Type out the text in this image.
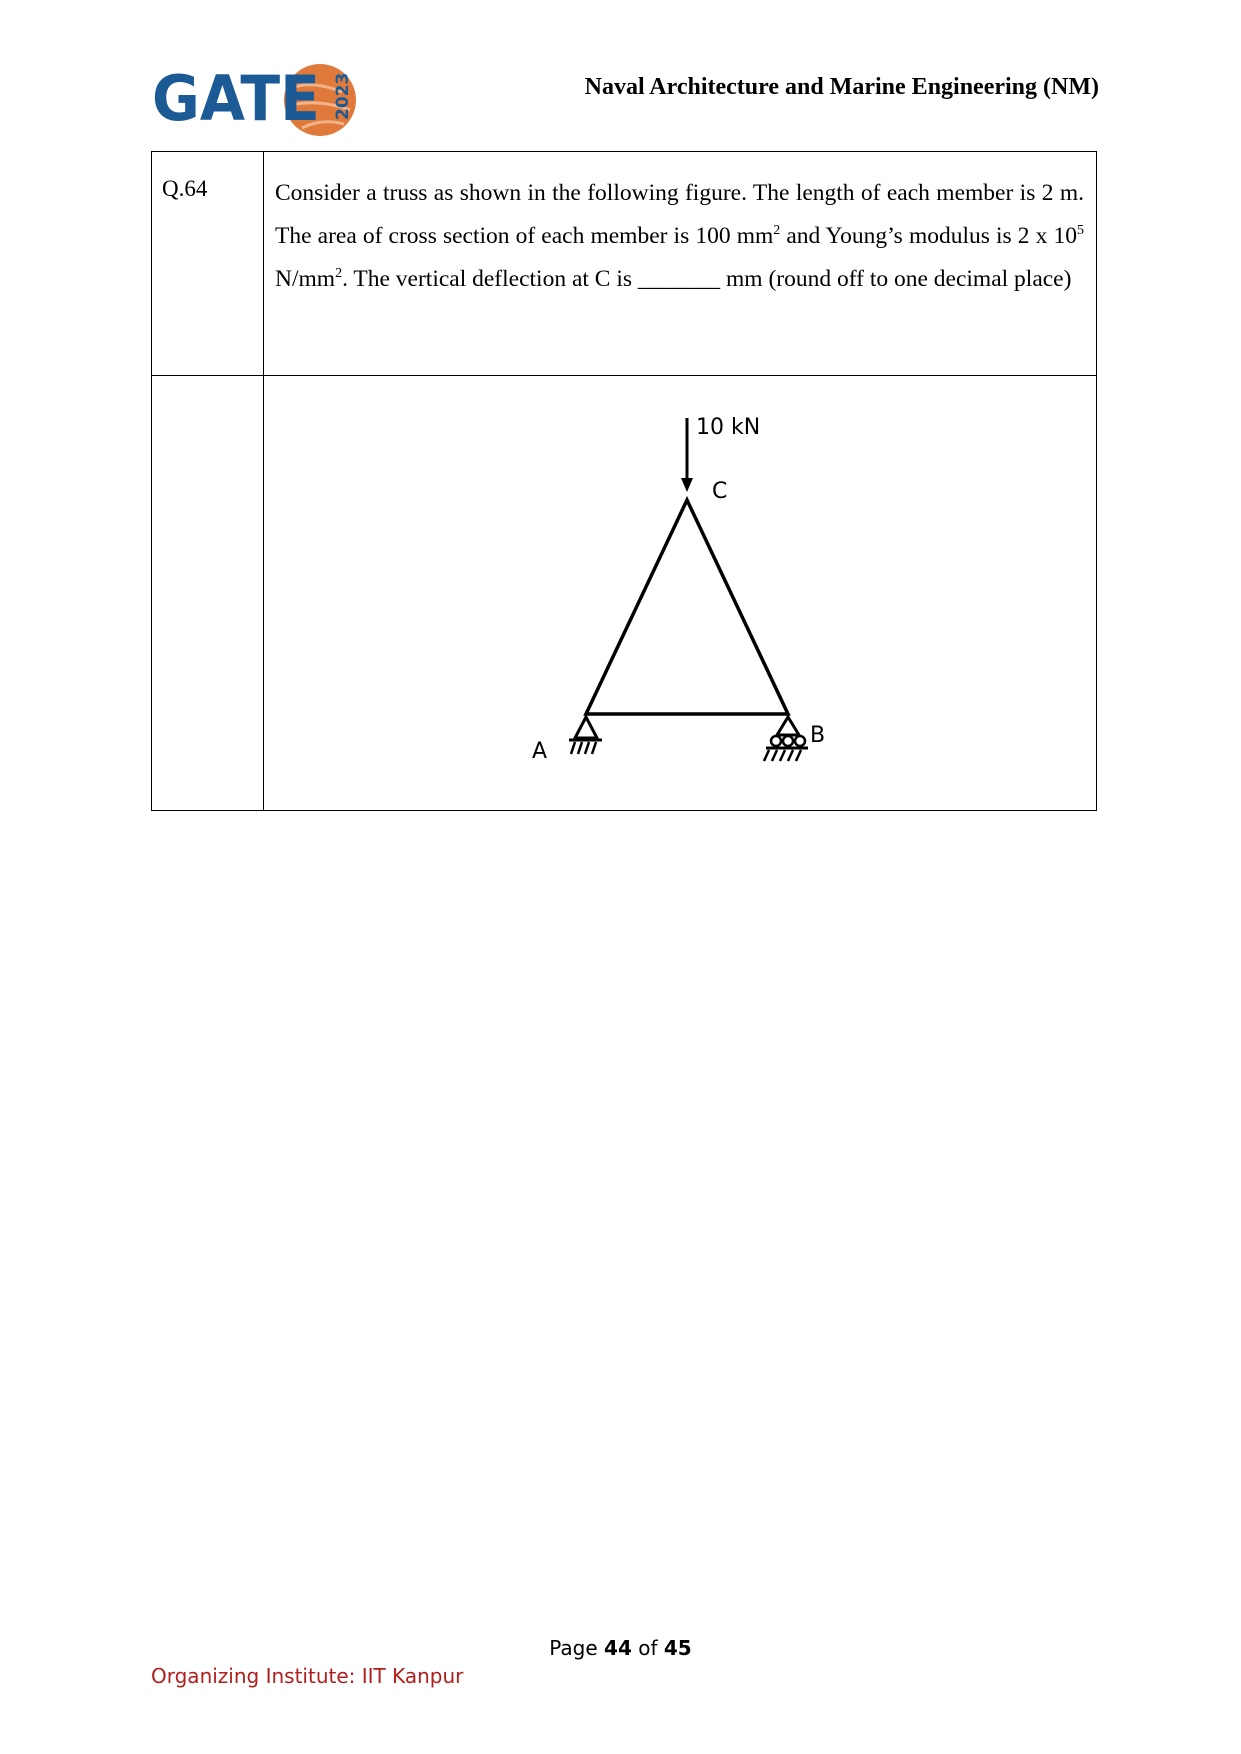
GATE 2023	Naval Architecture and Marine Engineering (NM)
Q.64	Consider a truss as shown in the following figure. The length of each member is 2 m. The area of cross section of each member is 100 $mm^2$ and Young’s modulus is 2 x $10^5$ $N/mm^2$. The vertical deflection at C is _______ mm (round off to one decimal place)

10 kN
C
A
B
Page 44 of 45
Organizing Institute: IIT Kanpur
